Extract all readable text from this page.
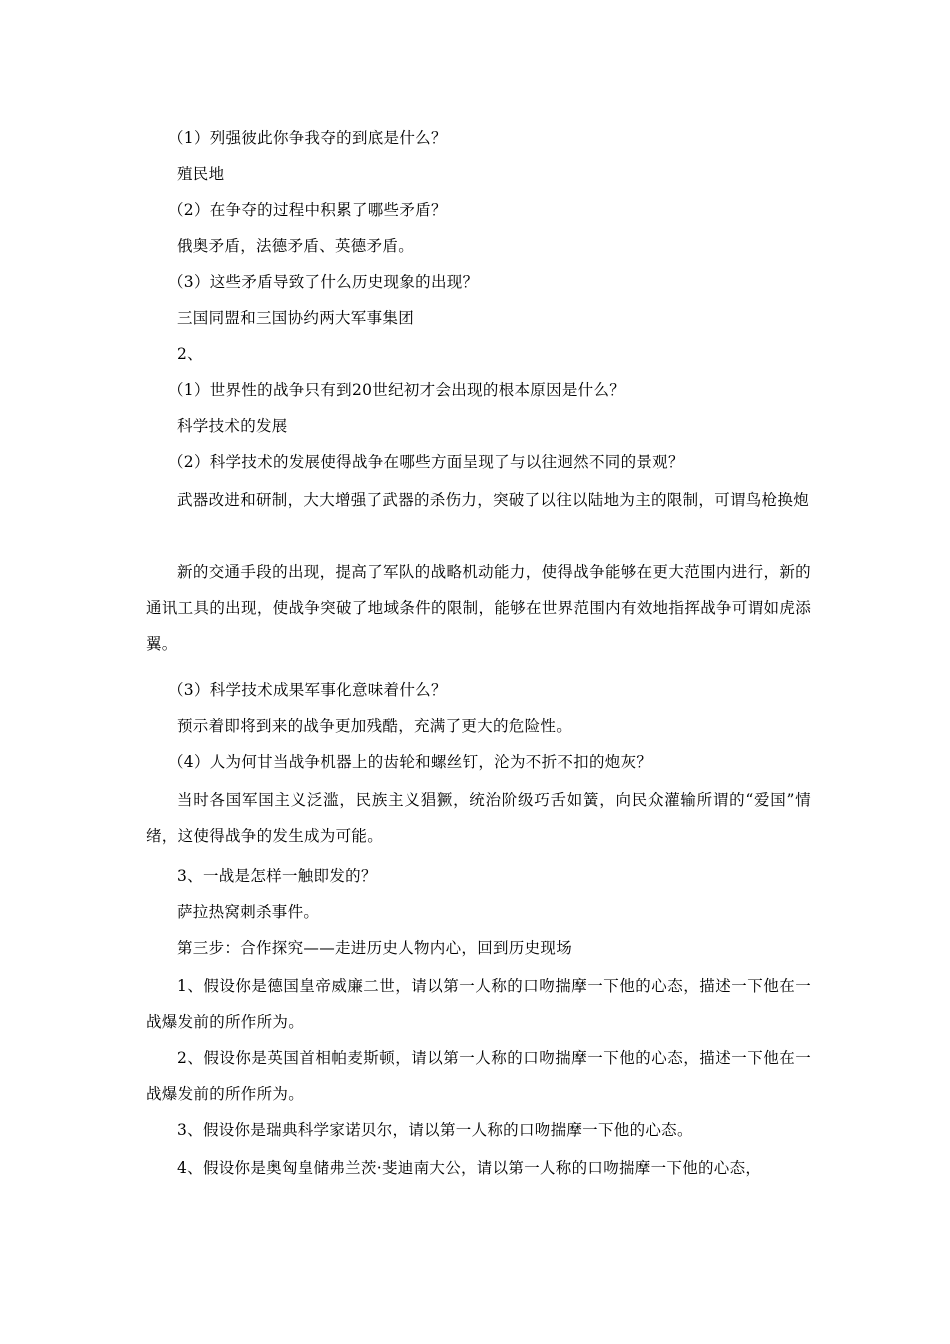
（1）列强彼此你争我夺的到底是什么？
殖民地
（2）在争夺的过程中积累了哪些矛盾？
俄奥矛盾，法德矛盾、英德矛盾。
（3）这些矛盾导致了什么历史现象的出现？
三国同盟和三国协约两大军事集团
2、
（1）世界性的战争只有到20世纪初才会出现的根本原因是什么？
科学技术的发展
（2）科学技术的发展使得战争在哪些方面呈现了与以往迥然不同的景观？
武器改进和研制，大大增强了武器的杀伤力，突破了以往以陆地为主的限制，可谓鸟枪换炮
新的交通手段的出现，提高了军队的战略机动能力，使得战争能够在更大范围内进行，新的通讯工具的出现，使战争突破了地域条件的限制，能够在世界范围内有效地指挥战争可谓如虎添翼。
（3）科学技术成果军事化意味着什么？
预示着即将到来的战争更加残酷，充满了更大的危险性。
（4）人为何甘当战争机器上的齿轮和螺丝钉，沦为不折不扣的炮灰？
当时各国军国主义泛滥，民族主义猖獗，统治阶级巧舌如簧，向民众灌输所谓的“爱国”情绪，这使得战争的发生成为可能。
3、一战是怎样一触即发的？
萨拉热窝刺杀事件。
第三步：合作探究——走进历史人物内心，回到历史现场
1、假设你是德国皇帝威廉二世，请以第一人称的口吻揣摩一下他的心态，描述一下他在一战爆发前的所作所为。
2、假设你是英国首相帕麦斯顿，请以第一人称的口吻揣摩一下他的心态，描述一下他在一战爆发前的所作所为。
3、假设你是瑞典科学家诺贝尔，请以第一人称的口吻揣摩一下他的心态。
4、假设你是奥匈皇储弗兰茨·斐迪南大公，请以第一人称的口吻揣摩一下他的心态，
